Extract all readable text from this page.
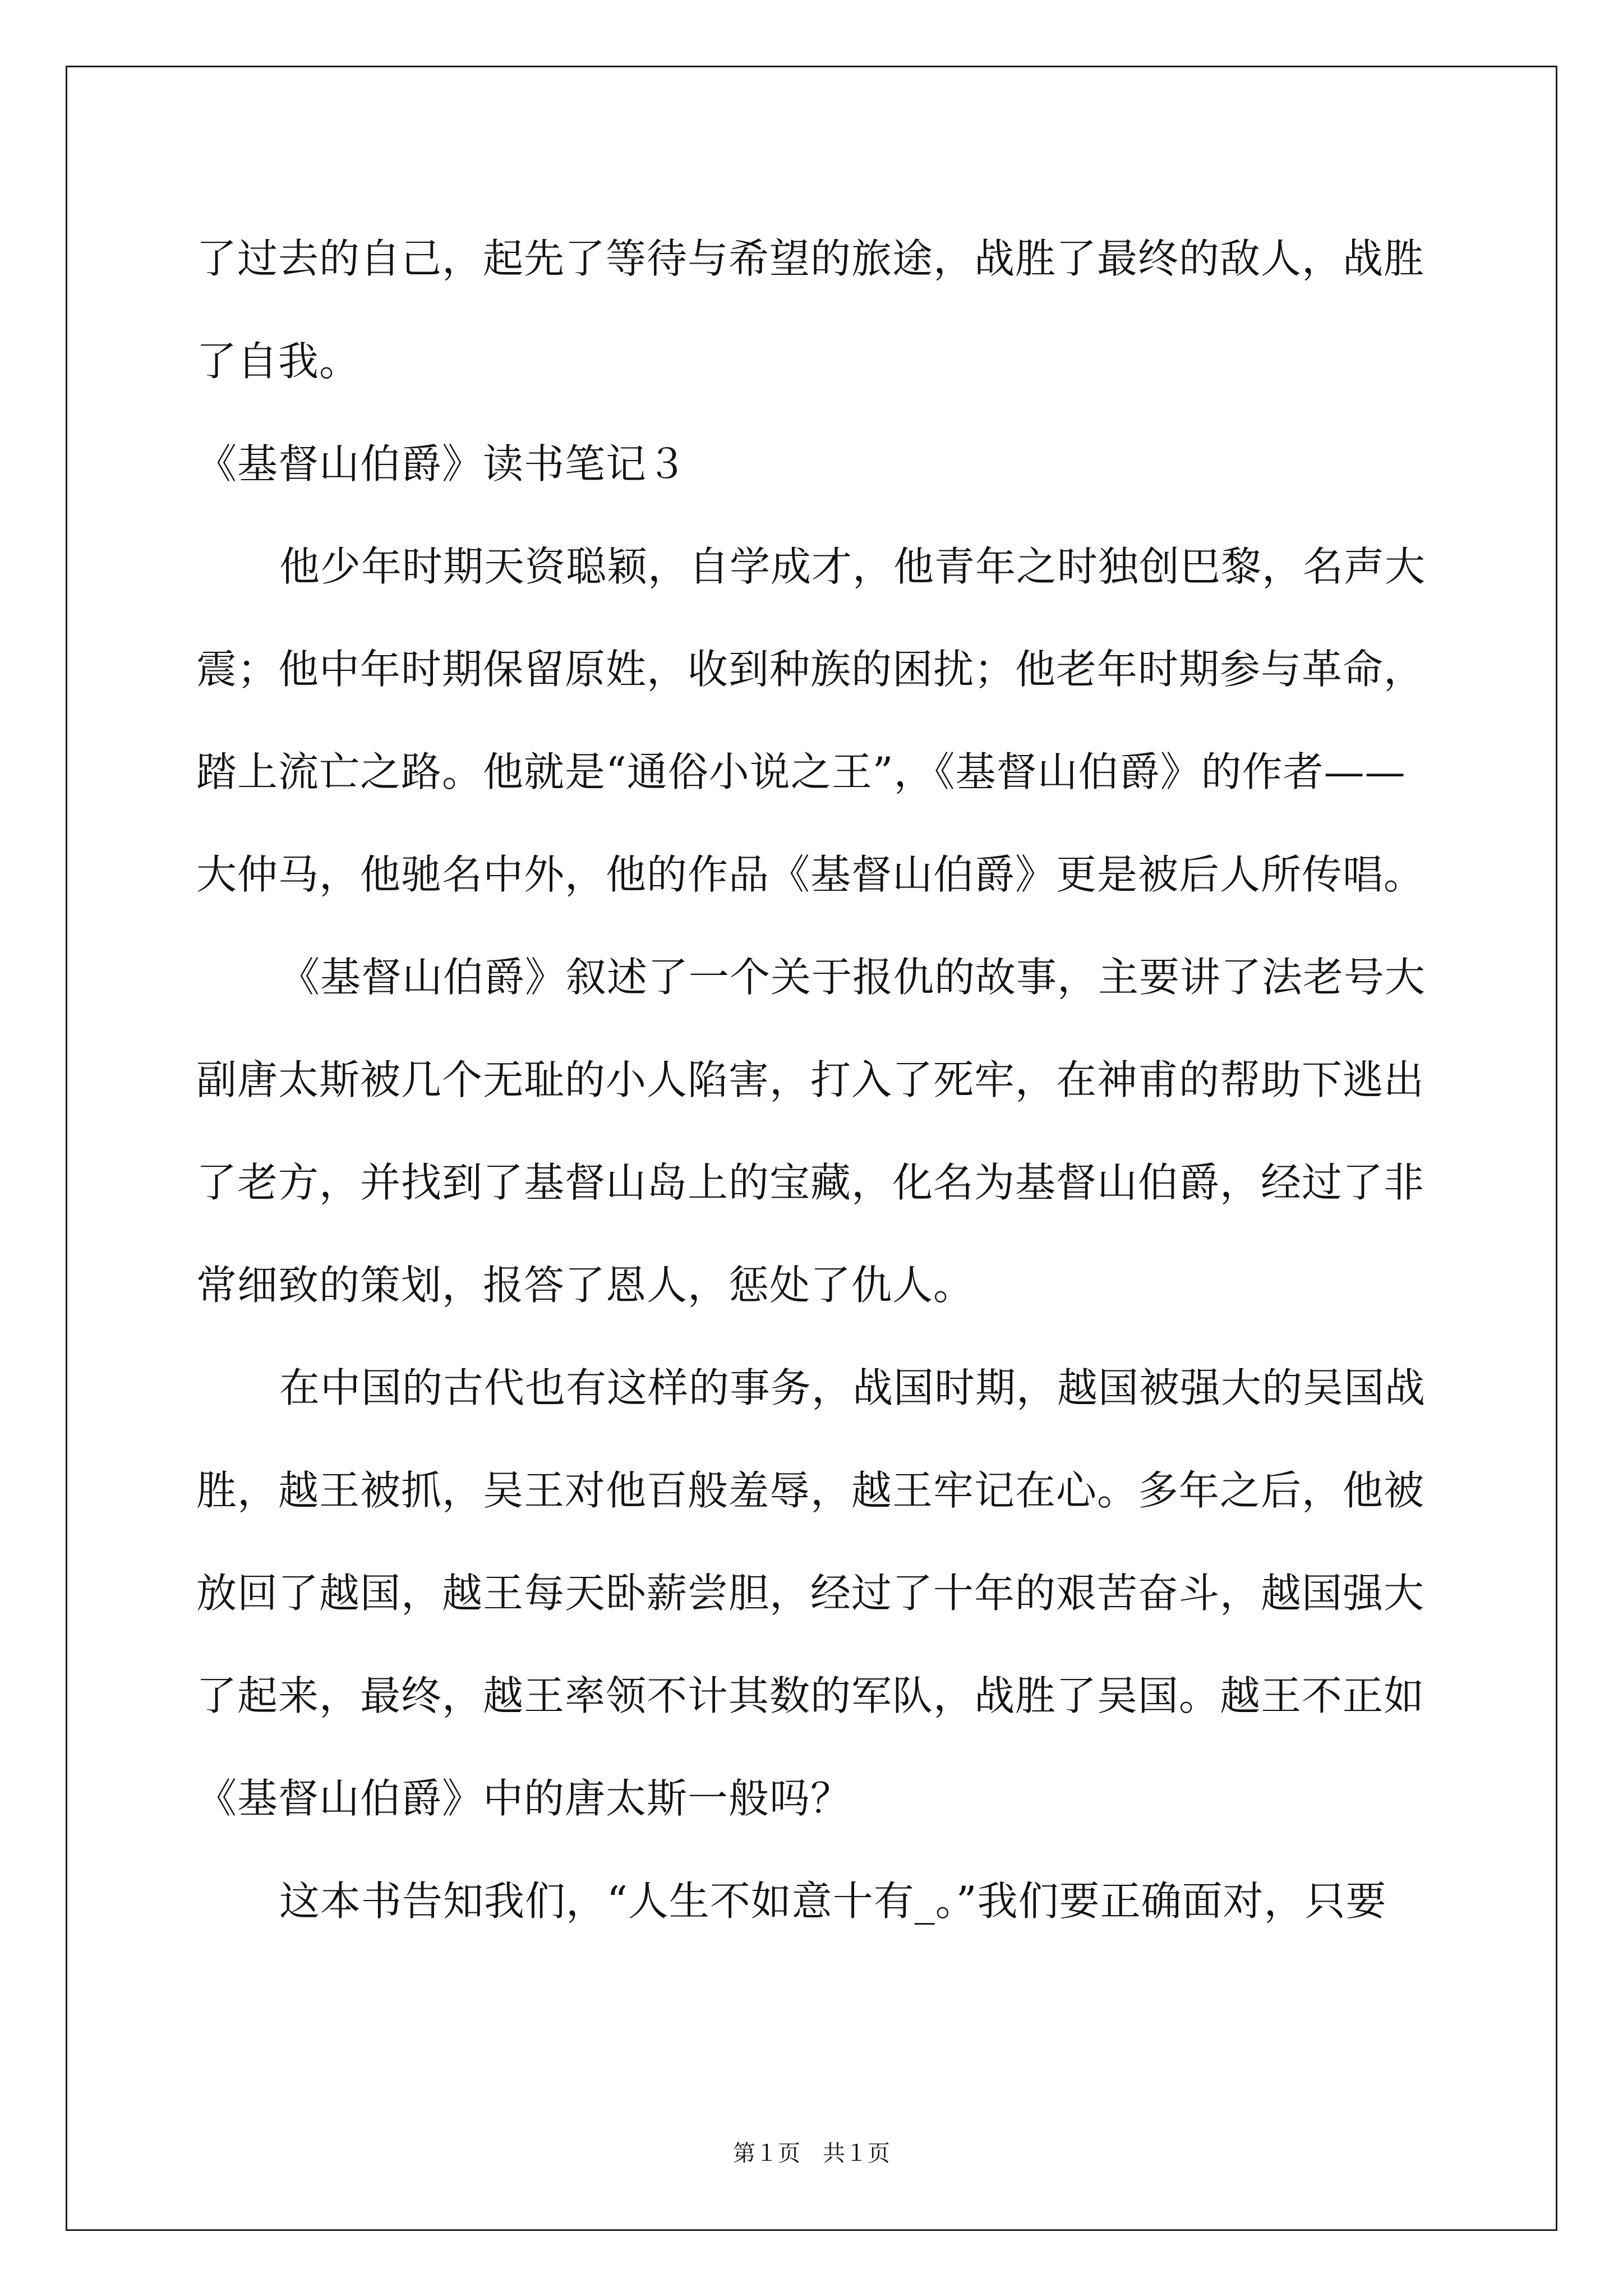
了过去的自己，起先了等待与希望的旅途，战胜了最终的敌人，战胜
了自我。
《基督山伯爵》读书笔记３
他少年时期天资聪颖，自学成才，他青年之时独创巴黎，名声大
震；他中年时期保留原姓，收到种族的困扰；他老年时期参与革命，
踏上流亡之路。他就是“通俗小说之王”，《基督山伯爵》的作者——
大仲马，他驰名中外，他的作品《基督山伯爵》更是被后人所传唱。
《基督山伯爵》叙述了一个关于报仇的故事，主要讲了法老号大
副唐太斯被几个无耻的小人陷害，打入了死牢，在神甫的帮助下逃出
了老方，并找到了基督山岛上的宝藏，化名为基督山伯爵，经过了非
常细致的策划，报答了恩人，惩处了仇人。
在中国的古代也有这样的事务，战国时期，越国被强大的吴国战
胜，越王被抓，吴王对他百般羞辱，越王牢记在心。多年之后，他被
放回了越国，越王每天卧薪尝胆，经过了十年的艰苦奋斗，越国强大
了起来，最终，越王率领不计其数的军队，战胜了吴国。越王不正如
《基督山伯爵》中的唐太斯一般吗？
这本书告知我们，“人生不如意十有_。”我们要正确面对，只要
第１页　共１页
